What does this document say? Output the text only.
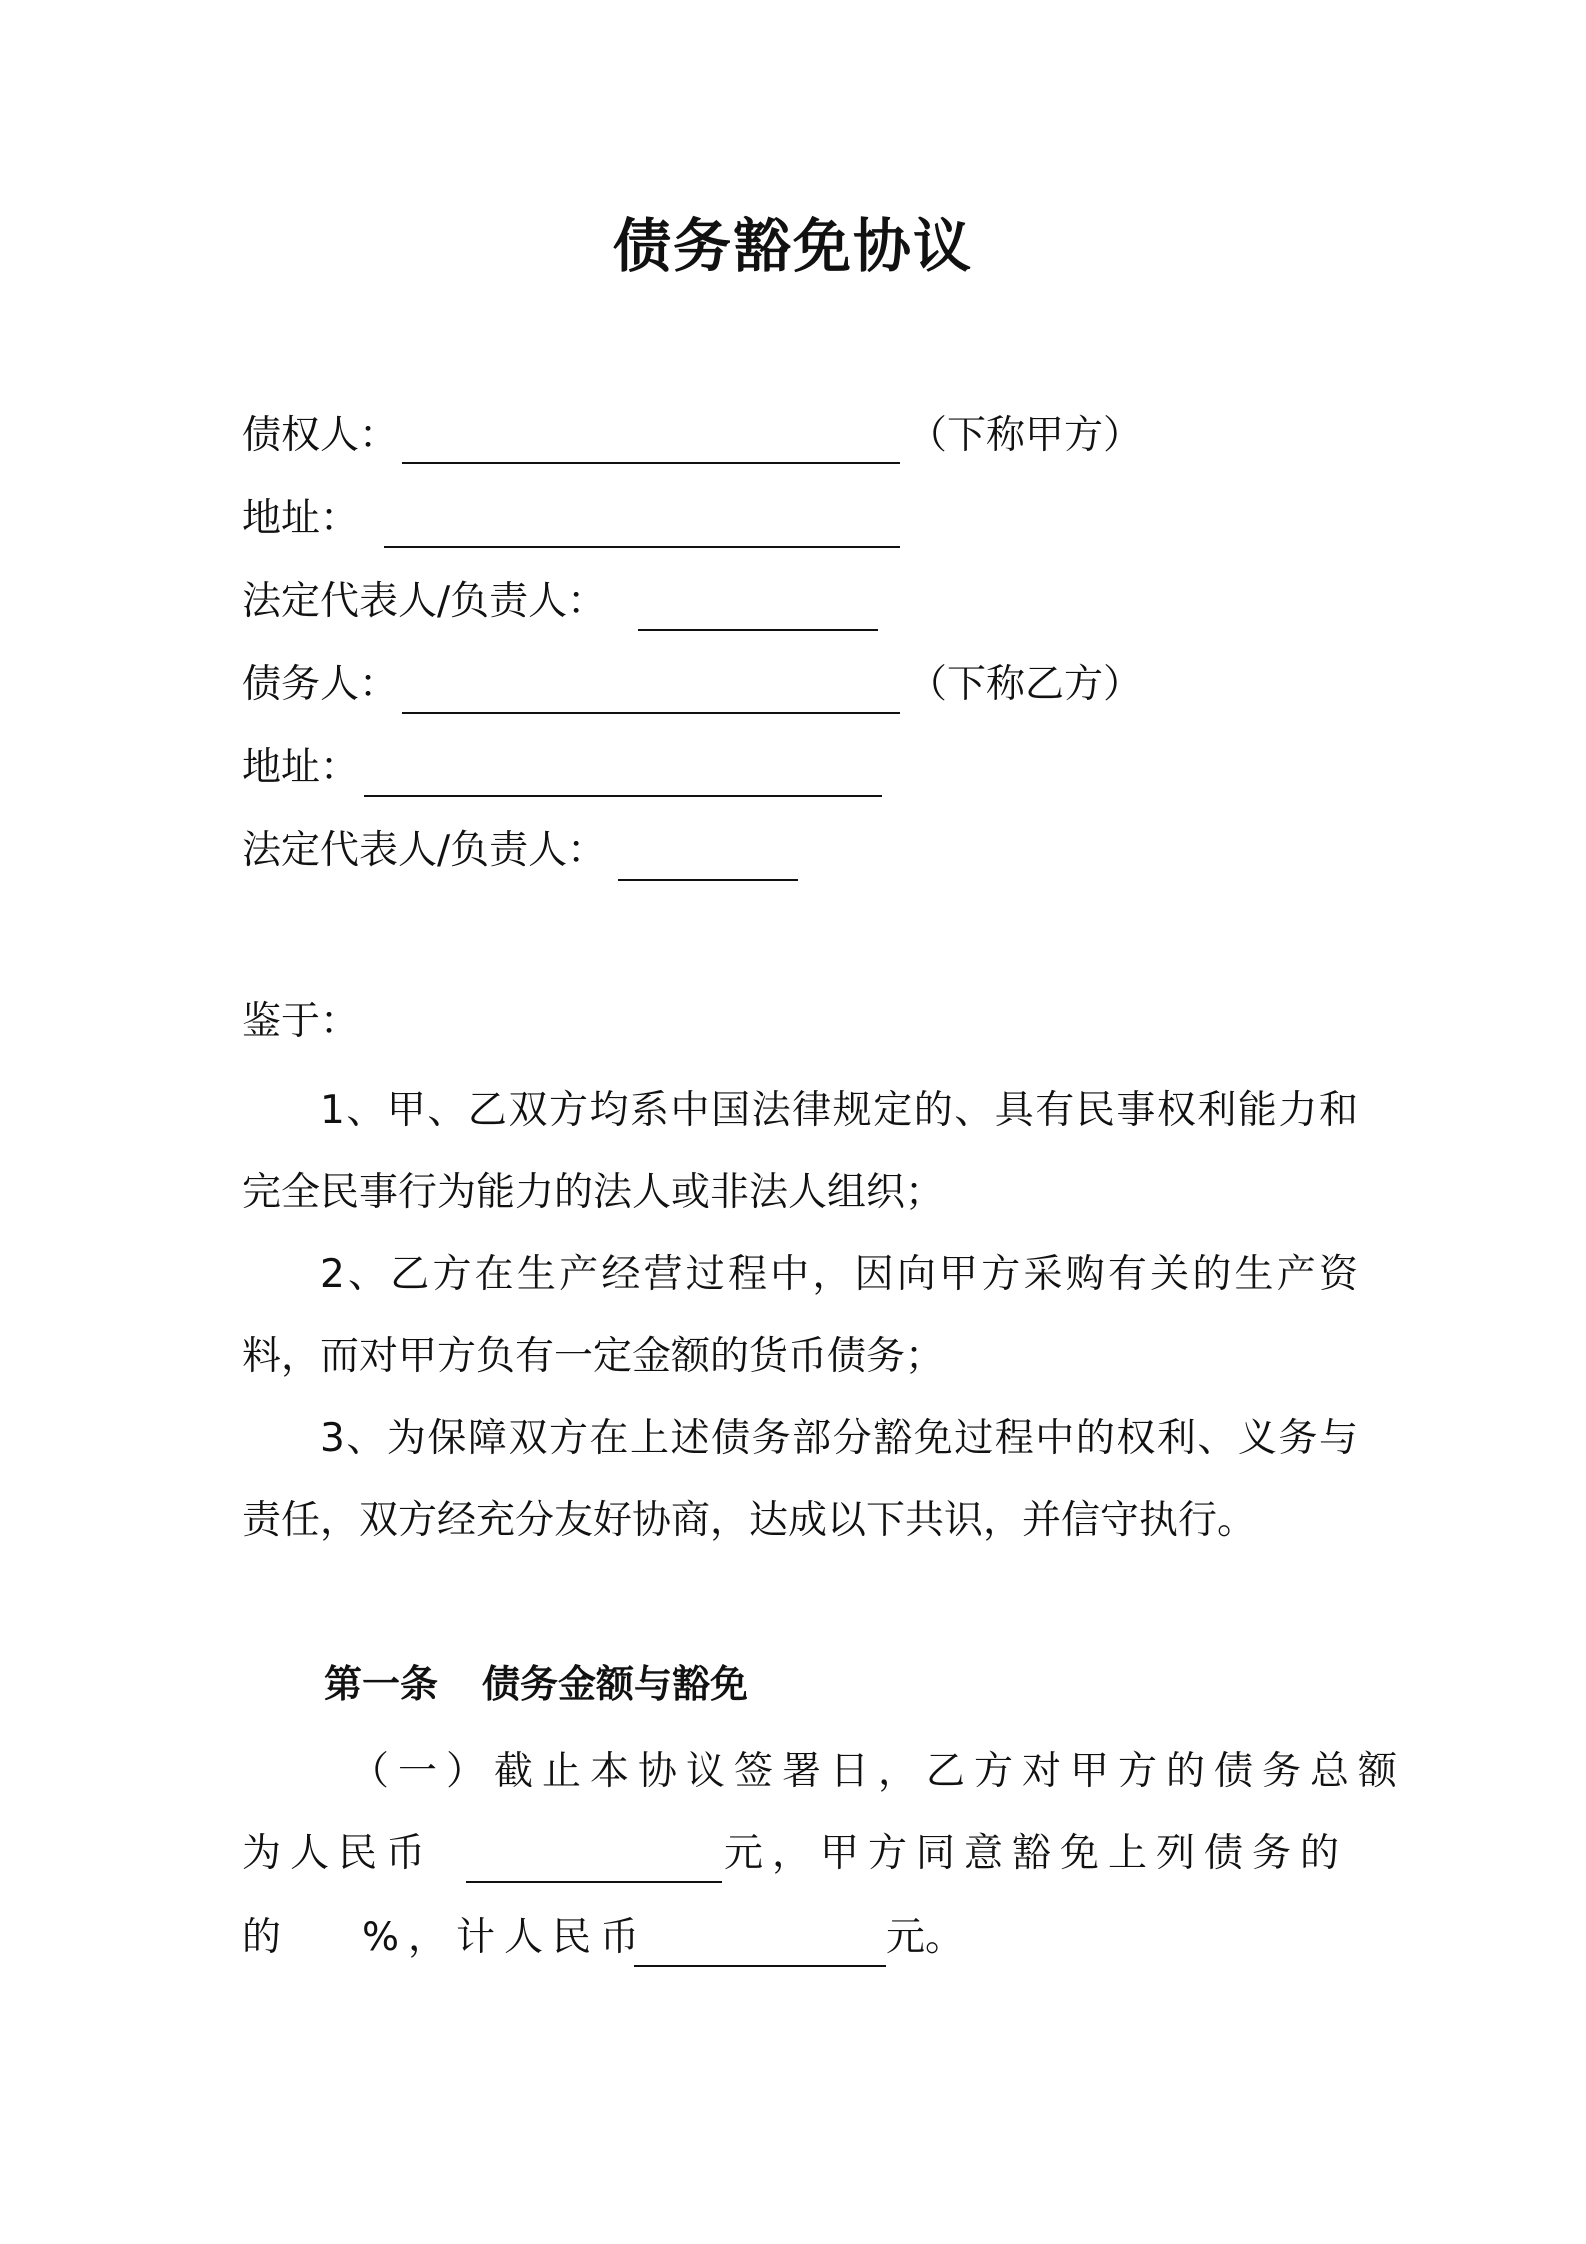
债务豁免协议
债权人：	（下称甲方）
地址：
法定代表人/负责人：
债务人：	（下称乙方）
地址：
法定代表人/负责人：
鉴于：
1、甲、乙双方均系中国法律规定的、具有民事权利能力和完全民事行为能力的法人或非法人组织；
2、乙方在生产经营过程中，因向甲方采购有关的生产资料，而对甲方负有一定金额的货币债务；
3、为保障双方在上述债务部分豁免过程中的权利、义务与责任，双方经充分友好协商，达成以下共识，并信守执行。
第一条 债务金额与豁免
（一）截止本协议签署日，乙方对甲方的债务总额
为人民币	元，甲方同意豁免上列债务的
的 %，计人民币	元。
